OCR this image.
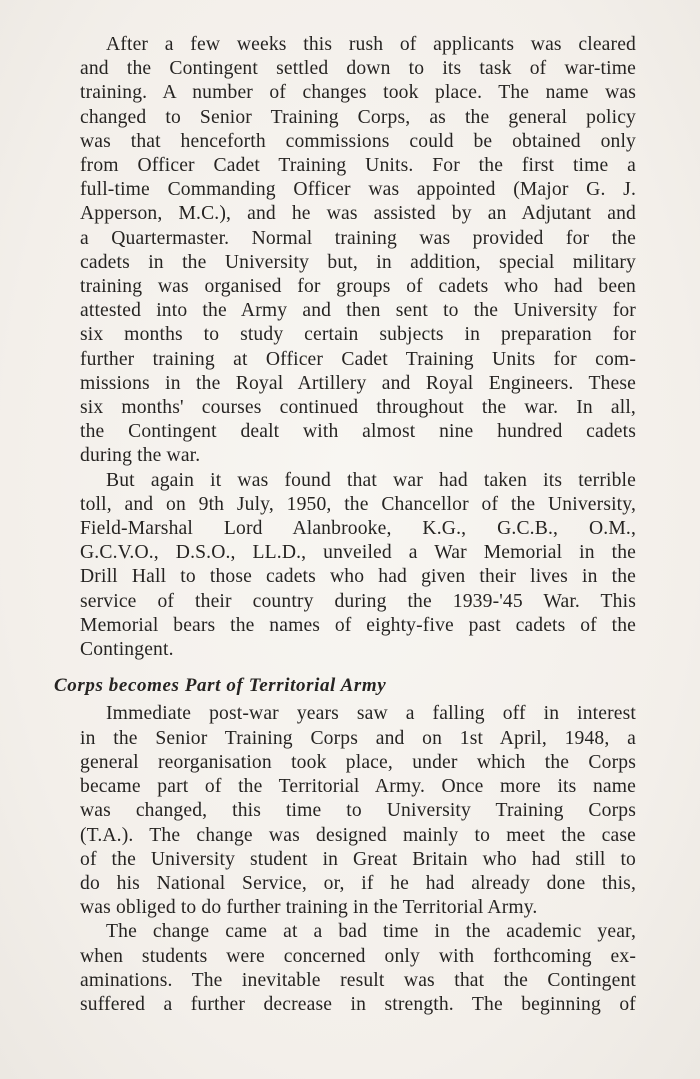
After a few weeks this rush of applicants was cleared
and the Contingent settled down to its task of war-time
training. A number of changes took place. The name was
changed to Senior Training Corps, as the general policy
was that henceforth commissions could be obtained only
from Officer Cadet Training Units. For the first time a
full-time Commanding Officer was appointed (Major G. J.
Apperson, M.C.), and he was assisted by an Adjutant and
a Quartermaster. Normal training was provided for the
cadets in the University but, in addition, special military
training was organised for groups of cadets who had been
attested into the Army and then sent to the University for
six months to study certain subjects in preparation for
further training at Officer Cadet Training Units for com-
missions in the Royal Artillery and Royal Engineers. These
six months' courses continued throughout the war. In all,
the Contingent dealt with almost nine hundred cadets
during the war.

But again it was found that war had taken its terrible
toll, and on 9th July, 1950, the Chancellor of the University,
Field-Marshal Lord Alanbrooke, K.G., G.C.B., O.M.,
G.C.V.O., D.S.O., LL.D., unveiled a War Memorial in the
Drill Hall to those cadets who had given their lives in the
service of their country during the 1939-'45 War. This
Memorial bears the names of eighty-five past cadets of the
Contingent.

Corps becomes Part of Territorial Army

Immediate post-war years saw a falling off in interest
in the Senior Training Corps and on 1st April, 1948, a
general reorganisation took place, under which the Corps
became part of the Territorial Army. Once more its name
was changed, this time to University Training Corps
(T.A.). The change was designed mainly to meet the case
of the University student in Great Britain who had still to
do his National Service, or, if he had already done this,
was obliged to do further training in the Territorial Army.

The change came at a bad time in the academic year,
when students were concerned only with forthcoming ex-
aminations. The inevitable result was that the Contingent
suffered a further decrease in strength. The beginning of
